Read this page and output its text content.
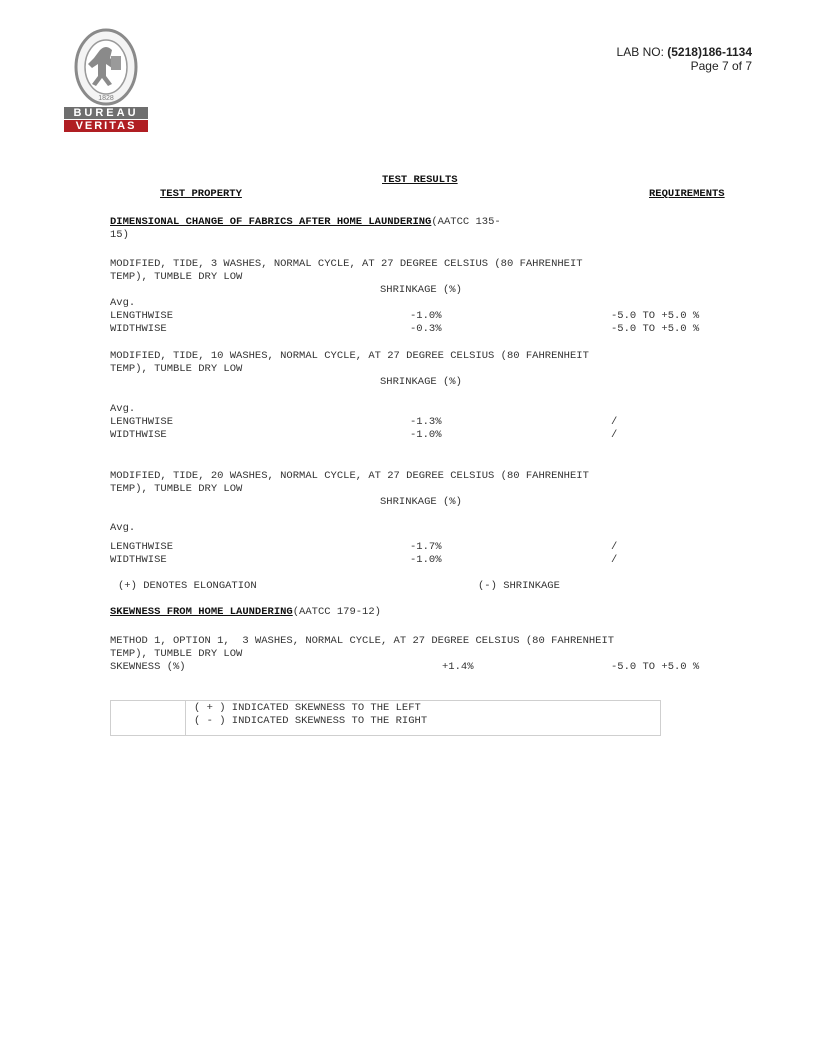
LAB NO: (5218)186-1134
Page 7 of 7
1828
BUREAU
VERITAS
TEST RESULTS
TEST PROPERTY	REQUIREMENTS
DIMENSIONAL CHANGE OF FABRICS AFTER HOME LAUNDERING(AATCC 135-
15)
MODIFIED, TIDE, 3 WASHES, NORMAL CYCLE, AT 27 DEGREE CELSIUS (80 FAHRENHEIT
TEMP), TUMBLE DRY LOW
SHRINKAGE (%)
Avg.
LENGTHWISE	-1.0%	-5.0 TO +5.0 %
WIDTHWISE	-0.3%	-5.0 TO +5.0 %
MODIFIED, TIDE, 10 WASHES, NORMAL CYCLE, AT 27 DEGREE CELSIUS (80 FAHRENHEIT
TEMP), TUMBLE DRY LOW
SHRINKAGE (%)
Avg.
LENGTHWISE	-1.3%	/
WIDTHWISE	-1.0%	/
MODIFIED, TIDE, 20 WASHES, NORMAL CYCLE, AT 27 DEGREE CELSIUS (80 FAHRENHEIT
TEMP), TUMBLE DRY LOW
SHRINKAGE (%)
Avg.
LENGTHWISE	-1.7%	/
WIDTHWISE	-1.0%	/
(+) DENOTES ELONGATION	(-) SHRINKAGE
SKEWNESS FROM HOME LAUNDERING(AATCC 179-12)
METHOD 1, OPTION 1,  3 WASHES, NORMAL CYCLE, AT 27 DEGREE CELSIUS (80 FAHRENHEIT
TEMP), TUMBLE DRY LOW
SKEWNESS (%)	+1.4%	-5.0 TO +5.0 %
( + ) INDICATED SKEWNESS TO THE LEFT
( - ) INDICATED SKEWNESS TO THE RIGHT
